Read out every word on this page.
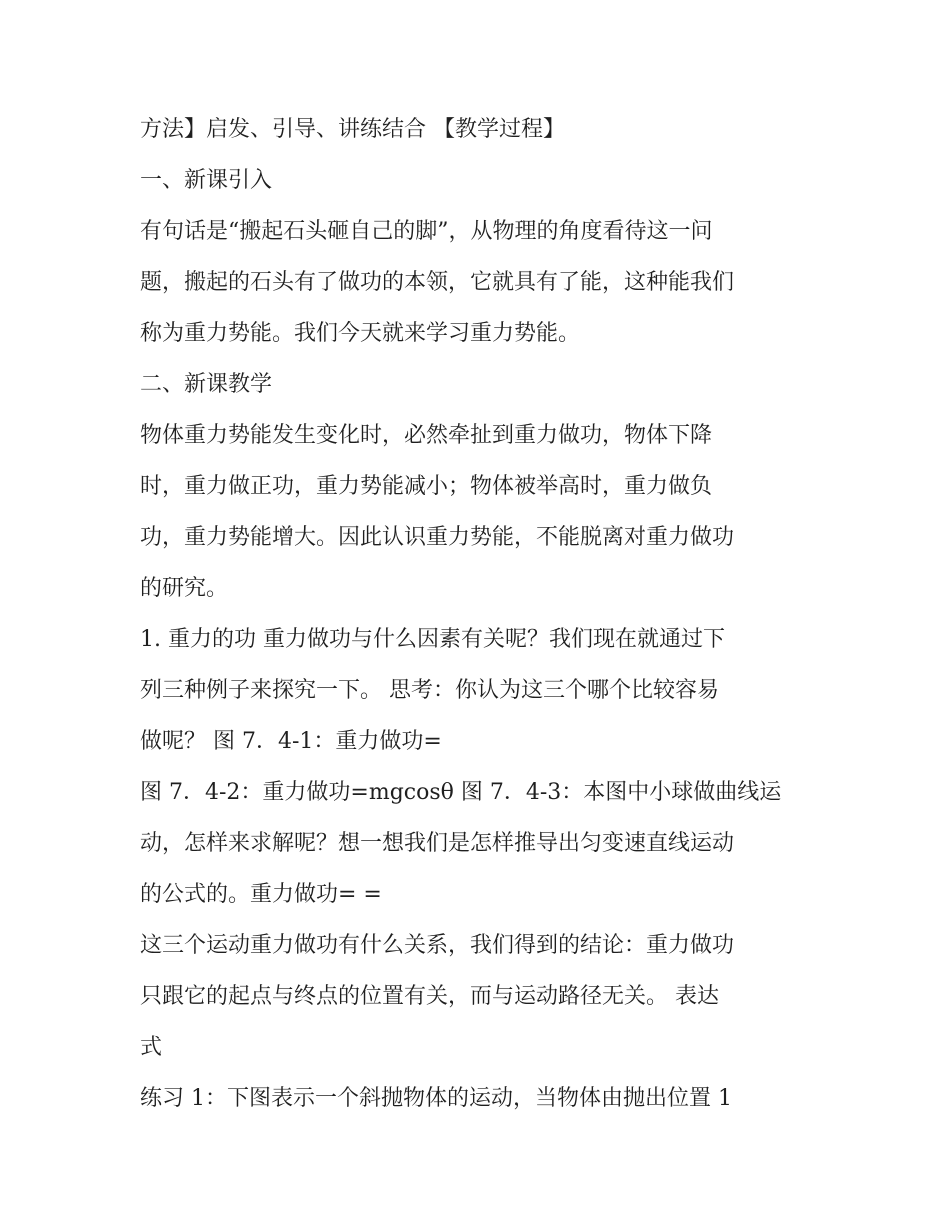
方法】启发、引导、讲练结合 【教学过程】
一、新课引入
有句话是“搬起石头砸自己的脚”，从物理的角度看待这一问
题，搬起的石头有了做功的本领，它就具有了能，这种能我们
称为重力势能。我们今天就来学习重力势能。
二、新课教学
物体重力势能发生变化时，必然牵扯到重力做功，物体下降
时，重力做正功，重力势能减小；物体被举高时，重力做负
功，重力势能增大。因此认识重力势能，不能脱离对重力做功
的研究。
1. 重力的功 重力做功与什么因素有关呢？我们现在就通过下
列三种例子来探究一下。 思考：你认为这三个哪个比较容易
做呢？ 图 7．4-1：重力做功=
图 7．4-2：重力做功=mgcosθ 图 7．4-3：本图中小球做曲线运
动，怎样来求解呢？想一想我们是怎样推导出匀变速直线运动
的公式的。重力做功= =
这三个运动重力做功有什么关系，我们得到的结论：重力做功
只跟它的起点与终点的位置有关，而与运动路径无关。 表达
式
练习 1：下图表示一个斜抛物体的运动，当物体由抛出位置 1
